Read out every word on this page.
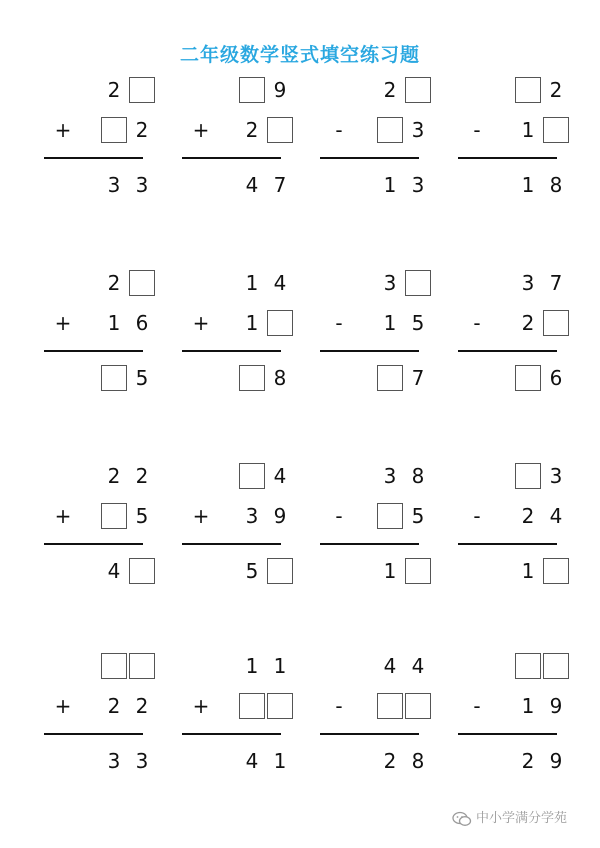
二年级数学竖式填空练习题
2
+	2
3 3
9
+ 2
4 7
2
-	3
1 3
2
-	1
1 8
2
+ 1 6
5
1 4
+ 1
8
3
-	1 5
7
3 7
-	2
6
2 2
+	5
4
4
+ 3 9
5
3 8
-	5
1
3
-	2 4
1
+ 2 2
3 3
1 1
+
4 1
4 4
-
2 8
-	1 9
2 9
中小学满分学苑
